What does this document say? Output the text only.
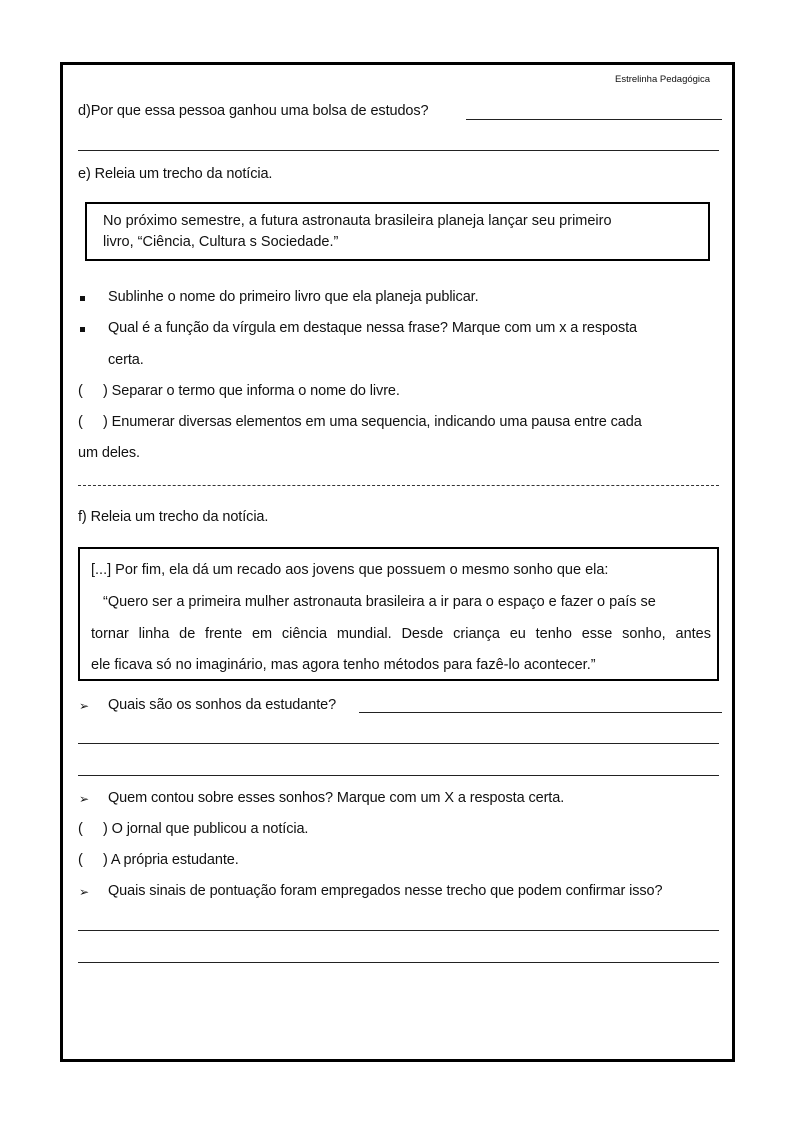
Estrelinha Pedagógica
d)Por que essa pessoa ganhou uma bolsa de estudos?
e) Releia um trecho da notícia.
No próximo semestre, a futura astronauta brasileira planeja lançar seu primeiro
livro, “Ciência, Cultura s Sociedade.”
Sublinhe o nome do primeiro livro que ela planeja publicar.
Qual é a função da vírgula em destaque nessa frase? Marque com um x a resposta
certa.
( ) Separar o termo que informa o nome do livre.
( ) Enumerar diversas elementos em uma sequencia, indicando uma pausa entre cada
um deles.
f) Releia um trecho da notícia.
[...] Por fim, ela dá um recado aos jovens que possuem o mesmo sonho que ela:
“Quero ser a primeira mulher astronauta brasileira a ir para o espaço e fazer o país se
tornar linha de frente em ciência mundial. Desde criança eu tenho esse sonho, antes
ele ficava só no imaginário, mas agora tenho métodos para fazê-lo acontecer.”
➢ Quais são os sonhos da estudante?
➢ Quem contou sobre esses sonhos? Marque com um X a resposta certa.
( ) O jornal que publicou a notícia.
( ) A própria estudante.
➢ Quais sinais de pontuação foram empregados nesse trecho que podem confirmar isso?
